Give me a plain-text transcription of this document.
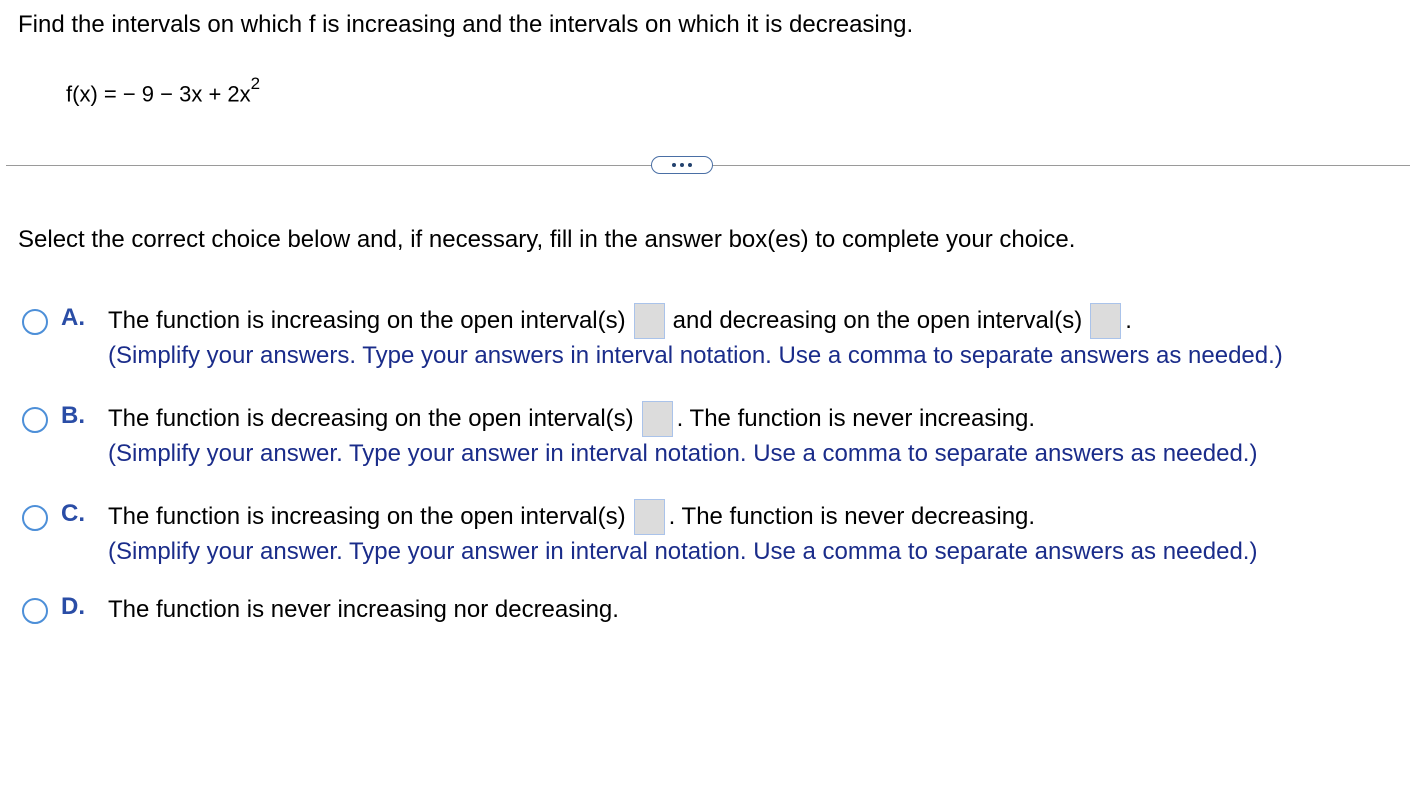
Find the intervals on which f is increasing and the intervals on which it is decreasing.
f(x) = − $9 - 3x + 2x^2$
Select the correct choice below and, if necessary, fill in the answer box(es) to complete your choice.
A. The function is increasing on the open interval(s) and decreasing on the open interval(s) .
(Simplify your answers. Type your answers in interval notation. Use a comma to separate answers as needed.)
B. The function is decreasing on the open interval(s) . The function is never increasing.
(Simplify your answer. Type your answer in interval notation. Use a comma to separate answers as needed.)
C. The function is increasing on the open interval(s) . The function is never decreasing.
(Simplify your answer. Type your answer in interval notation. Use a comma to separate answers as needed.)
D. The function is never increasing nor decreasing.
